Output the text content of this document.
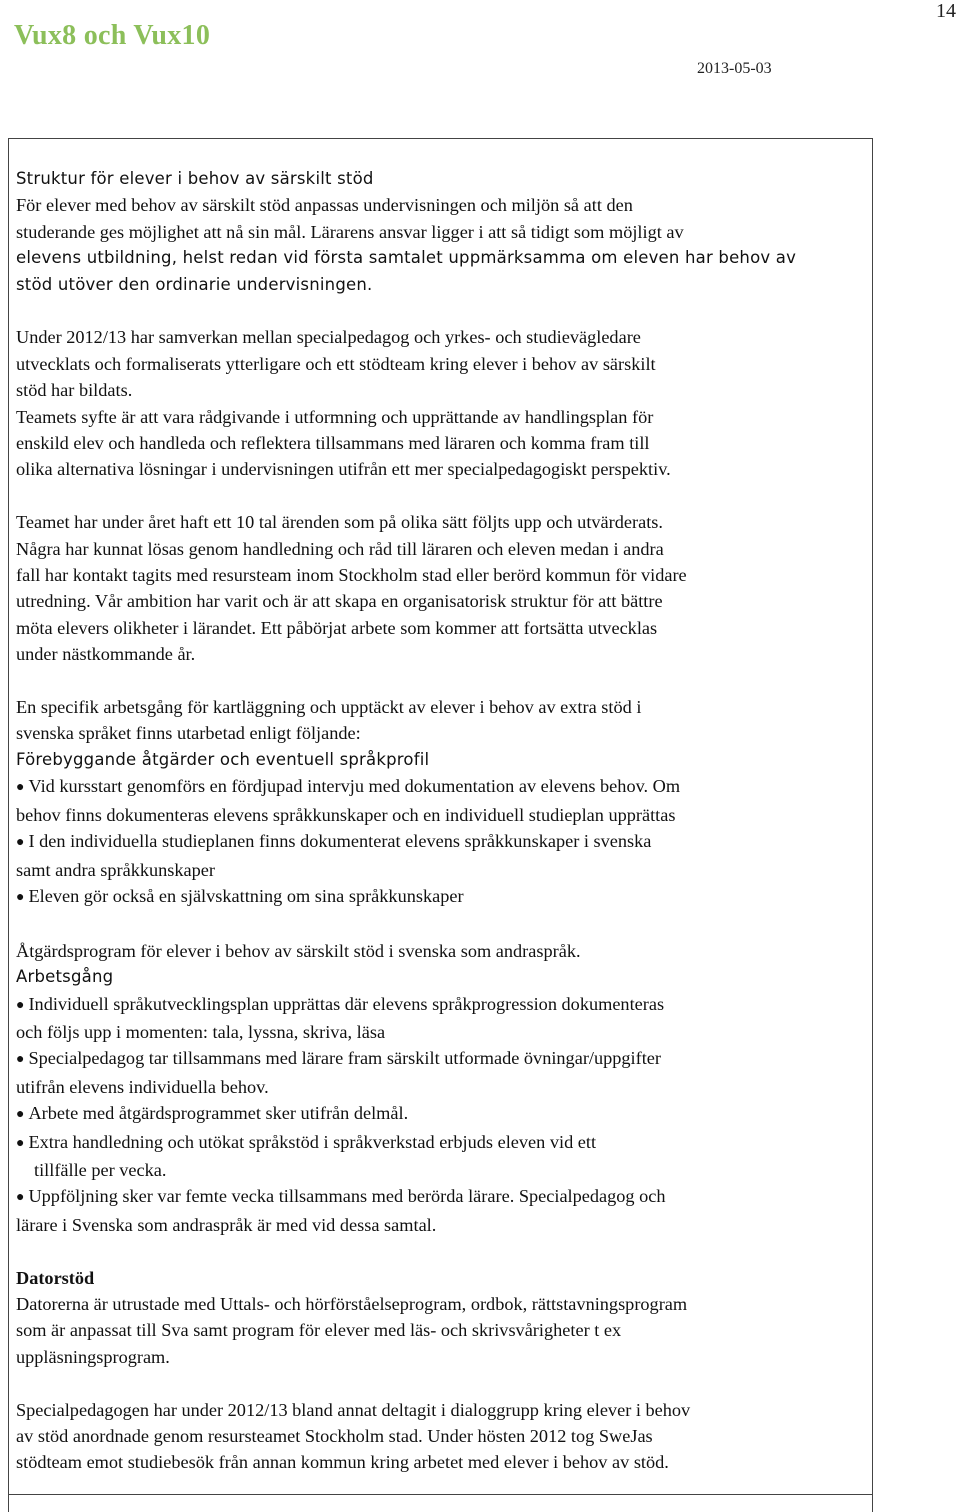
Vux8 och Vux10
14
2013-05-03

Struktur för elever i behov av särskilt stöd

För elever med behov av särskilt stöd anpassas undervisningen och miljön så att den

studerande ges möjlighet att nå sin mål. Lärarens ansvar ligger i att så tidigt som möjligt av

elevens utbildning, helst redan vid första samtalet uppmärksamma om eleven har behov av

stöd utöver den ordinarie undervisningen.

Under 2012/13 har samverkan mellan specialpedagog och yrkes- och studievägledare

utvecklats och formaliserats ytterligare och ett stödteam kring elever i behov av särskilt

stöd har bildats.

Teamets syfte är att vara rådgivande i utformning och upprättande av handlingsplan för

enskild elev och handleda och reflektera tillsammans med läraren och komma fram till

olika alternativa lösningar i undervisningen utifrån ett mer specialpedagogiskt perspektiv.

Teamet har under året haft ett 10 tal ärenden som på olika sätt följts upp och utvärderats.

Några har kunnat lösas genom handledning och råd till läraren och eleven medan i andra

fall har kontakt tagits med resursteam inom Stockholm stad eller berörd kommun för vidare

utredning. Vår ambition har varit och är att skapa en organisatorisk struktur för att bättre

möta elevers olikheter i lärandet. Ett påbörjat arbete som kommer att fortsätta utvecklas

under nästkommande år.

En specifik arbetsgång för kartläggning och upptäckt av elever i behov av extra stöd i

svenska språket finns utarbetad enligt följande:

Förebyggande åtgärder och eventuell språkprofil

● Vid kursstart genomförs en fördjupad intervju med dokumentation av elevens behov. Om

behov finns dokumenteras elevens språkkunskaper och en individuell studieplan upprättas

● I den individuella studieplanen finns dokumenterat elevens språkkunskaper i svenska

samt andra språkkunskaper

● Eleven gör också en självskattning om sina språkkunskaper

Åtgärdsprogram för elever i behov av särskilt stöd i svenska som andraspråk.

Arbetsgång

● Individuell språkutvecklingsplan upprättas där elevens språkprogression dokumenteras

och följs upp i momenten: tala, lyssna, skriva, läsa

● Specialpedagog tar tillsammans med lärare fram särskilt utformade övningar/uppgifter

utifrån elevens individuella behov.

● Arbete med åtgärdsprogrammet sker utifrån delmål.

● Extra handledning och utökat språkstöd i språkverkstad erbjuds eleven vid ett

tillfälle per vecka.

● Uppföljning sker var femte vecka tillsammans med berörda lärare. Specialpedagog och

lärare i Svenska som andraspråk är med vid dessa samtal.

Datorstöd

Datorerna är utrustade med Uttals- och hörförståelseprogram, ordbok, rättstavningsprogram

som är anpassat till Sva samt program för elever med läs- och skrivsvårigheter t ex

uppläsningsprogram.

Specialpedagogen har under 2012/13 bland annat deltagit i dialoggrupp kring elever i behov

av stöd anordnade genom resursteamet Stockholm stad. Under hösten 2012 tog SweJas

stödteam emot studiebesök från annan kommun kring arbetet med elever i behov av stöd.
